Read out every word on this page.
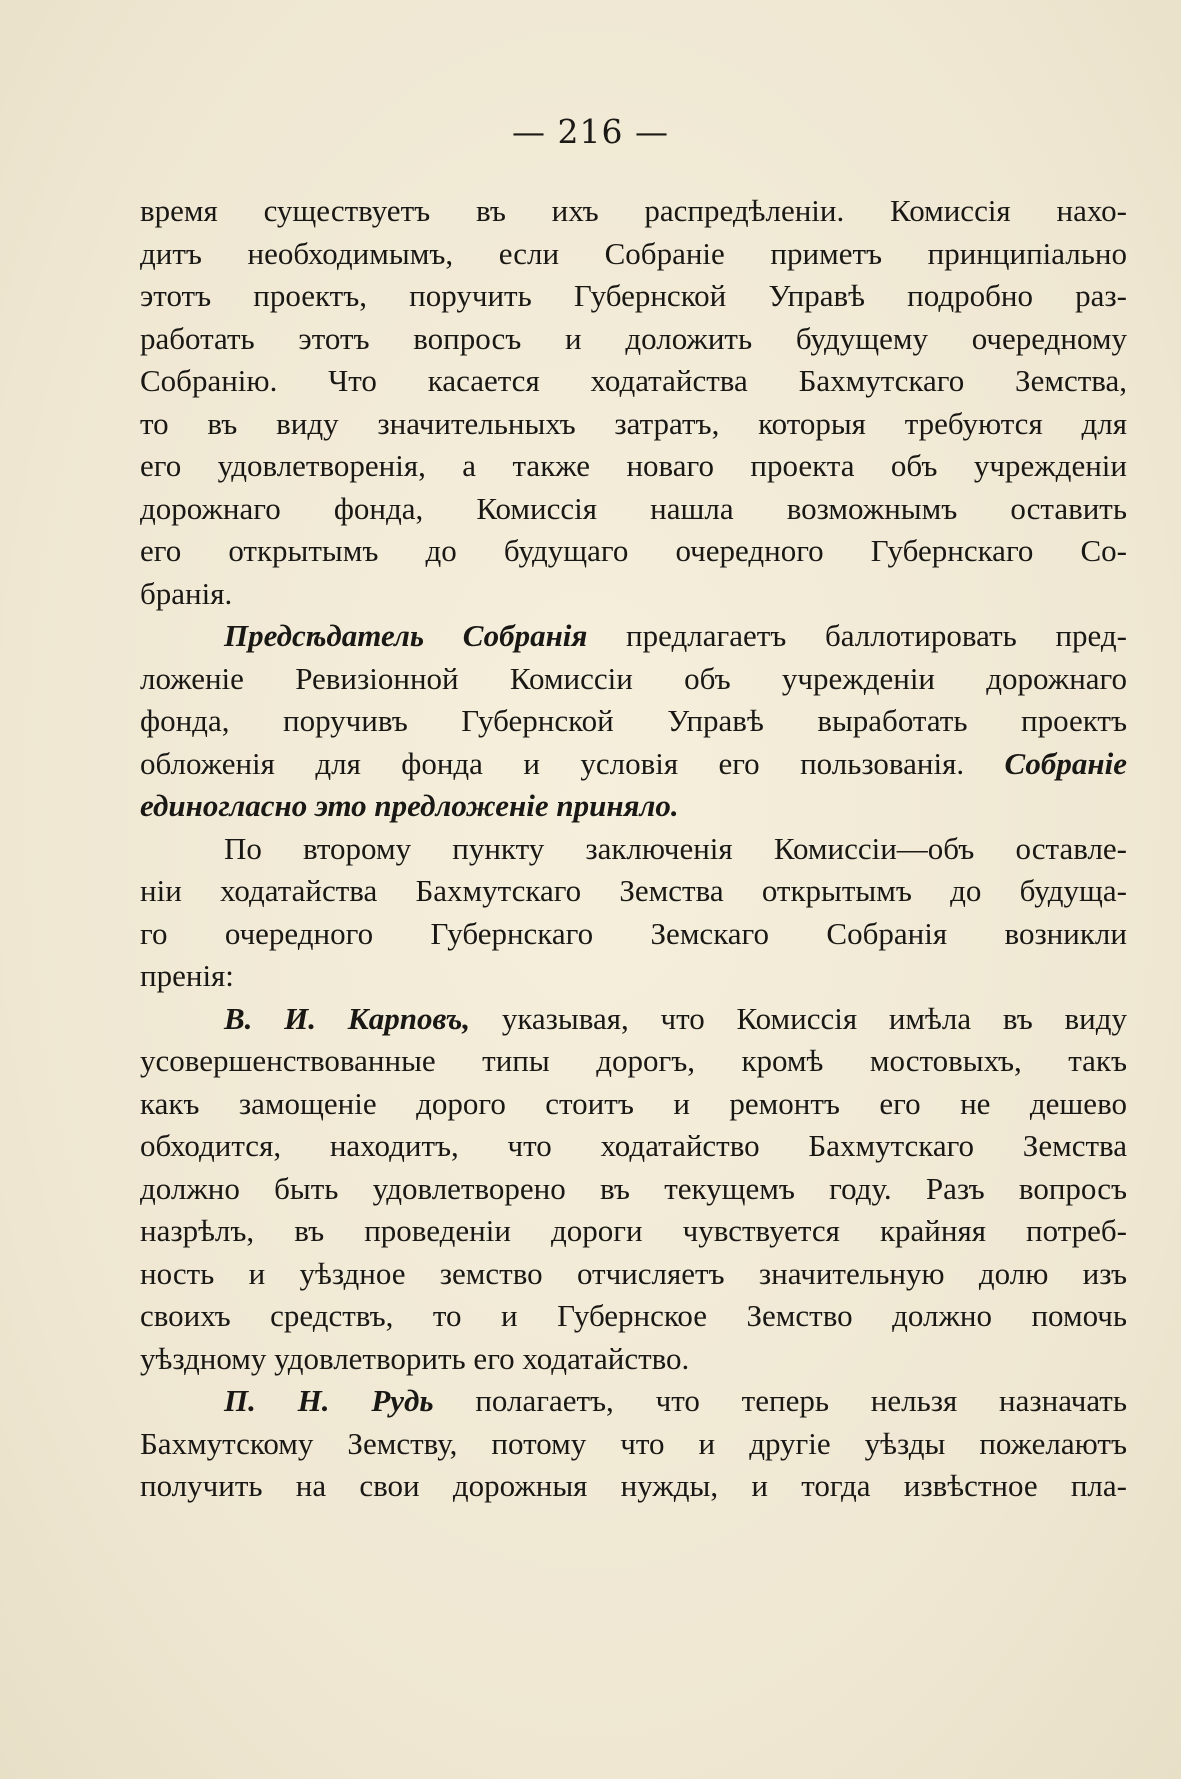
— 216 —
время существуетъ въ ихъ распредѣленіи. Комиссія нахо-
дитъ необходимымъ, если Собраніе приметъ принципіально
этотъ проектъ, поручить Губернской Управѣ подробно раз-
работать этотъ вопросъ и доложить будущему очередному
Собранію. Что касается ходатайства Бахмутскаго Земства,
то въ виду значительныхъ затратъ, которыя требуются для
его удовлетворенія, а также новаго проекта объ учрежденіи
дорожнаго фонда, Комиссія нашла возможнымъ оставить
его открытымъ до будущаго очередного Губернскаго Со-
бранія.
Предсѣдатель Собранія предлагаетъ баллотировать пред-
ложеніе Ревизіонной Комиссіи объ учрежденіи дорожнаго
фонда, поручивъ Губернской Управѣ выработать проектъ
обложенія для фонда и условія его пользованія. Собраніе
единогласно это предложеніе приняло.
По второму пункту заключенія Комиссіи—объ оставле-
ніи ходатайства Бахмутскаго Земства открытымъ до будуща-
го очередного Губернскаго Земскаго Собранія возникли
пренія:
В. И. Карповъ, указывая, что Комиссія имѣла въ виду
усовершенствованные типы дорогъ, кромѣ мостовыхъ, такъ
какъ замощеніе дорого стоитъ и ремонтъ его не дешево
обходится, находитъ, что ходатайство Бахмутскаго Земства
должно быть удовлетворено въ текущемъ году. Разъ вопросъ
назрѣлъ, въ проведеніи дороги чувствуется крайняя потреб-
ность и уѣздное земство отчисляетъ значительную долю изъ
своихъ средствъ, то и Губернское Земство должно помочь
уѣздному удовлетворить его ходатайство.
П. Н. Рудь полагаетъ, что теперь нельзя назначать
Бахмутскому Земству, потому что и другіе уѣзды пожелаютъ
получить на свои дорожныя нужды, и тогда извѣстное пла-
